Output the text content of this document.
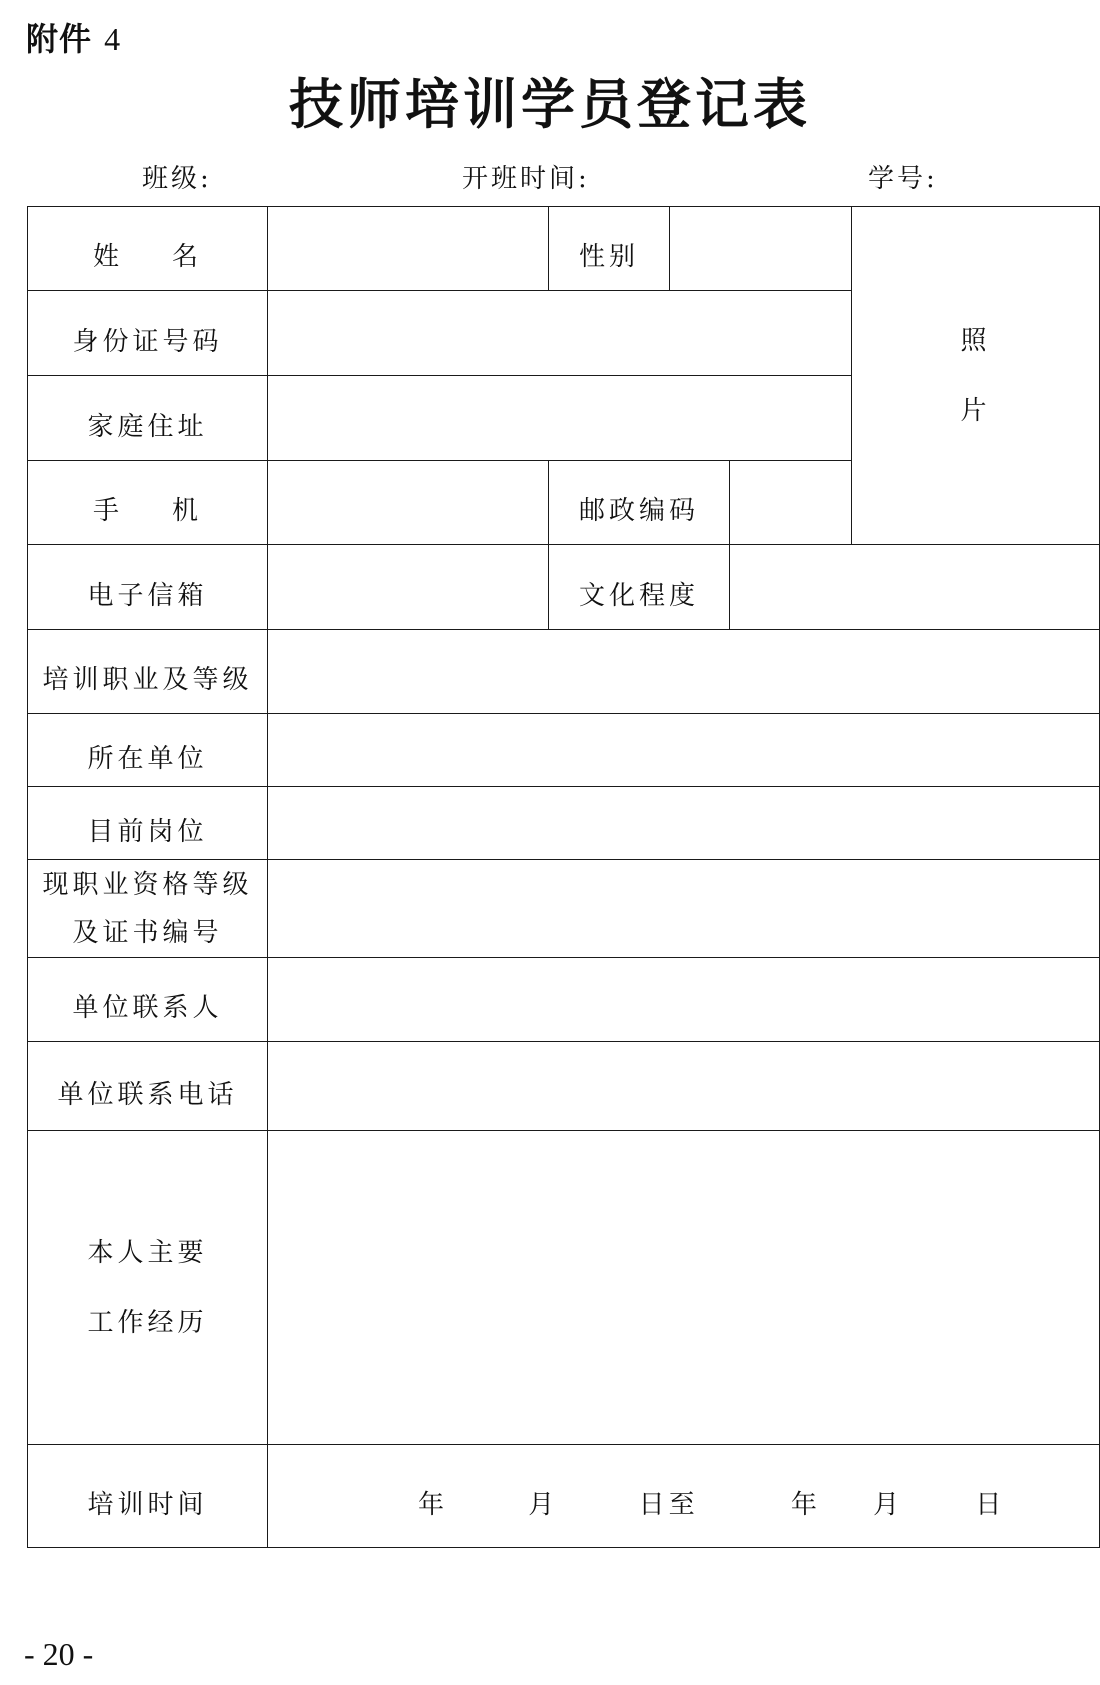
附件 4
技师培训学员登记表
班级:	开班时间:	学号:
姓    名		性别			照
片

身份证号码					
家庭住址					
手    机		邮政编码			
电子信箱		文化程度			
培训职业及等级					
所在单位					
目前岗位					

现职业资格等级
及证书编号					

单位联系人					
单位联系电话					

本人主要
工作经历					

培训时间	年 月 日至 年 月 日				
- 20 -
